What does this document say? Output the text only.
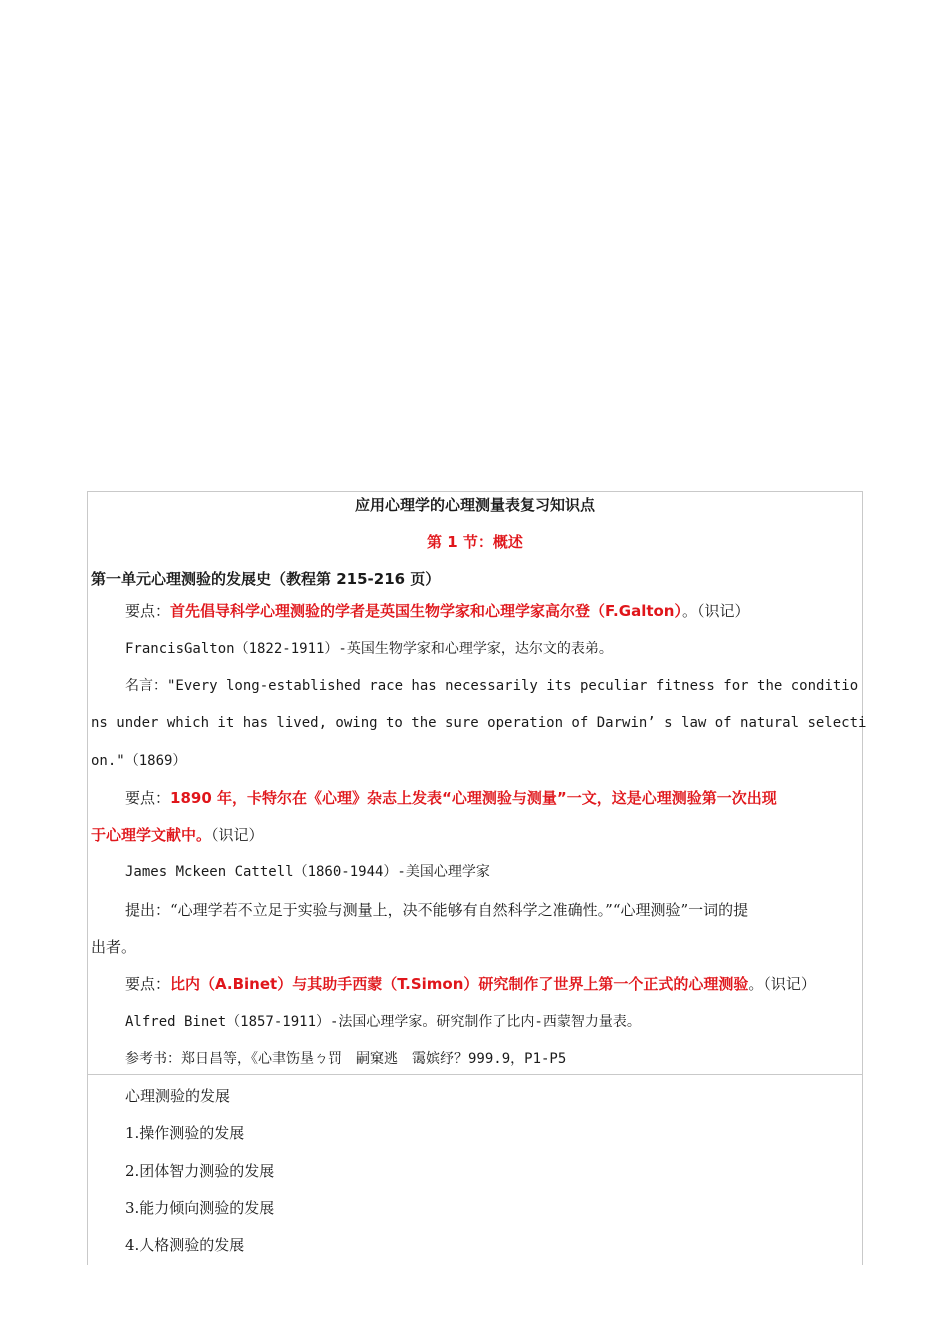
应用心理学的心理测量表复习知识点
第 1 节：概述
第一单元心理测验的发展史（教程第 215-216 页）
要点：首先倡导科学心理测验的学者是英国生物学家和心理学家高尔登（F.Galton）。（识记）
FrancisGalton（1822-1911）-英国生物学家和心理学家，达尔文的表弟。
名言："Every long-established race has necessarily its peculiar fitness for the conditio
ns under which it has lived, owing to the sure operation of Darwin’ s law of natural selecti
on."（1869）
要点：1890 年，卡特尔在《心理》杂志上发表“心理测验与测量”一文，这是心理测验第一次出现
于心理学文献中。（识记）
James Mckeen Cattell（1860-1944）-美国心理学家
提出：“心理学若不立足于实验与测量上，决不能够有自然科学之准确性。”“心理测验”一词的提
出者。
要点：比内（A.Binet）与其助手西蒙（T.Simon）研究制作了世界上第一个正式的心理测验。（识记）
Alfred Binet（1857-1911）-法国心理学家。研究制作了比内-西蒙智力量表。
参考书：郑日昌等，《心聿饬垦ㄅ罚　嗣窠逃　霭嫔纾？999.9，P1-P5
心理测验的发展
1.操作测验的发展
2.团体智力测验的发展
3.能力倾向测验的发展
4.人格测验的发展
